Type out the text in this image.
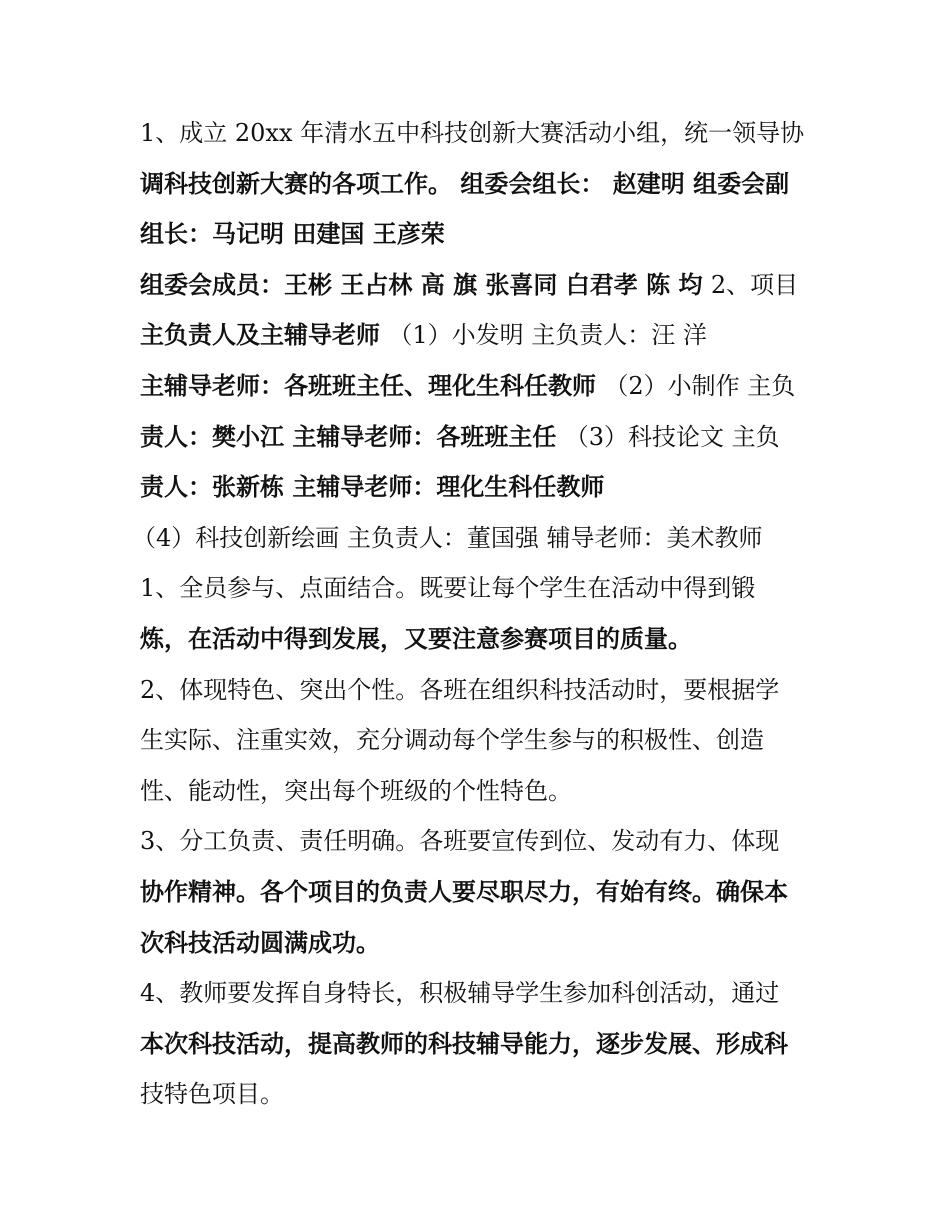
1、成立 20xx 年清水五中科技创新大赛活动小组，统一领导协
调科技创新大赛的各项工作。 组委会组长： 赵建明 组委会副
组长：马记明 田建国 王彦荣
组委会成员：王彬 王占林 高 旗 张喜同 白君孝 陈 均 2、项目
主负责人及主辅导老师 （1）小发明 主负责人：汪 洋
主辅导老师：各班班主任、理化生科任教师 （2）小制作 主负
责人：樊小江 主辅导老师：各班班主任 （3）科技论文 主负
责人：张新栋 主辅导老师：理化生科任教师
（4）科技创新绘画 主负责人：董国强 辅导老师：美术教师
1、全员参与、点面结合。既要让每个学生在活动中得到锻
炼，在活动中得到发展，又要注意参赛项目的质量。
2、体现特色、突出个性。各班在组织科技活动时，要根据学
生实际、注重实效，充分调动每个学生参与的积极性、创造
性、能动性，突出每个班级的个性特色。
3、分工负责、责任明确。各班要宣传到位、发动有力、体现
协作精神。各个项目的负责人要尽职尽力，有始有终。确保本
次科技活动圆满成功。
4、教师要发挥自身特长，积极辅导学生参加科创活动，通过
本次科技活动，提高教师的科技辅导能力，逐步发展、形成科
技特色项目。
